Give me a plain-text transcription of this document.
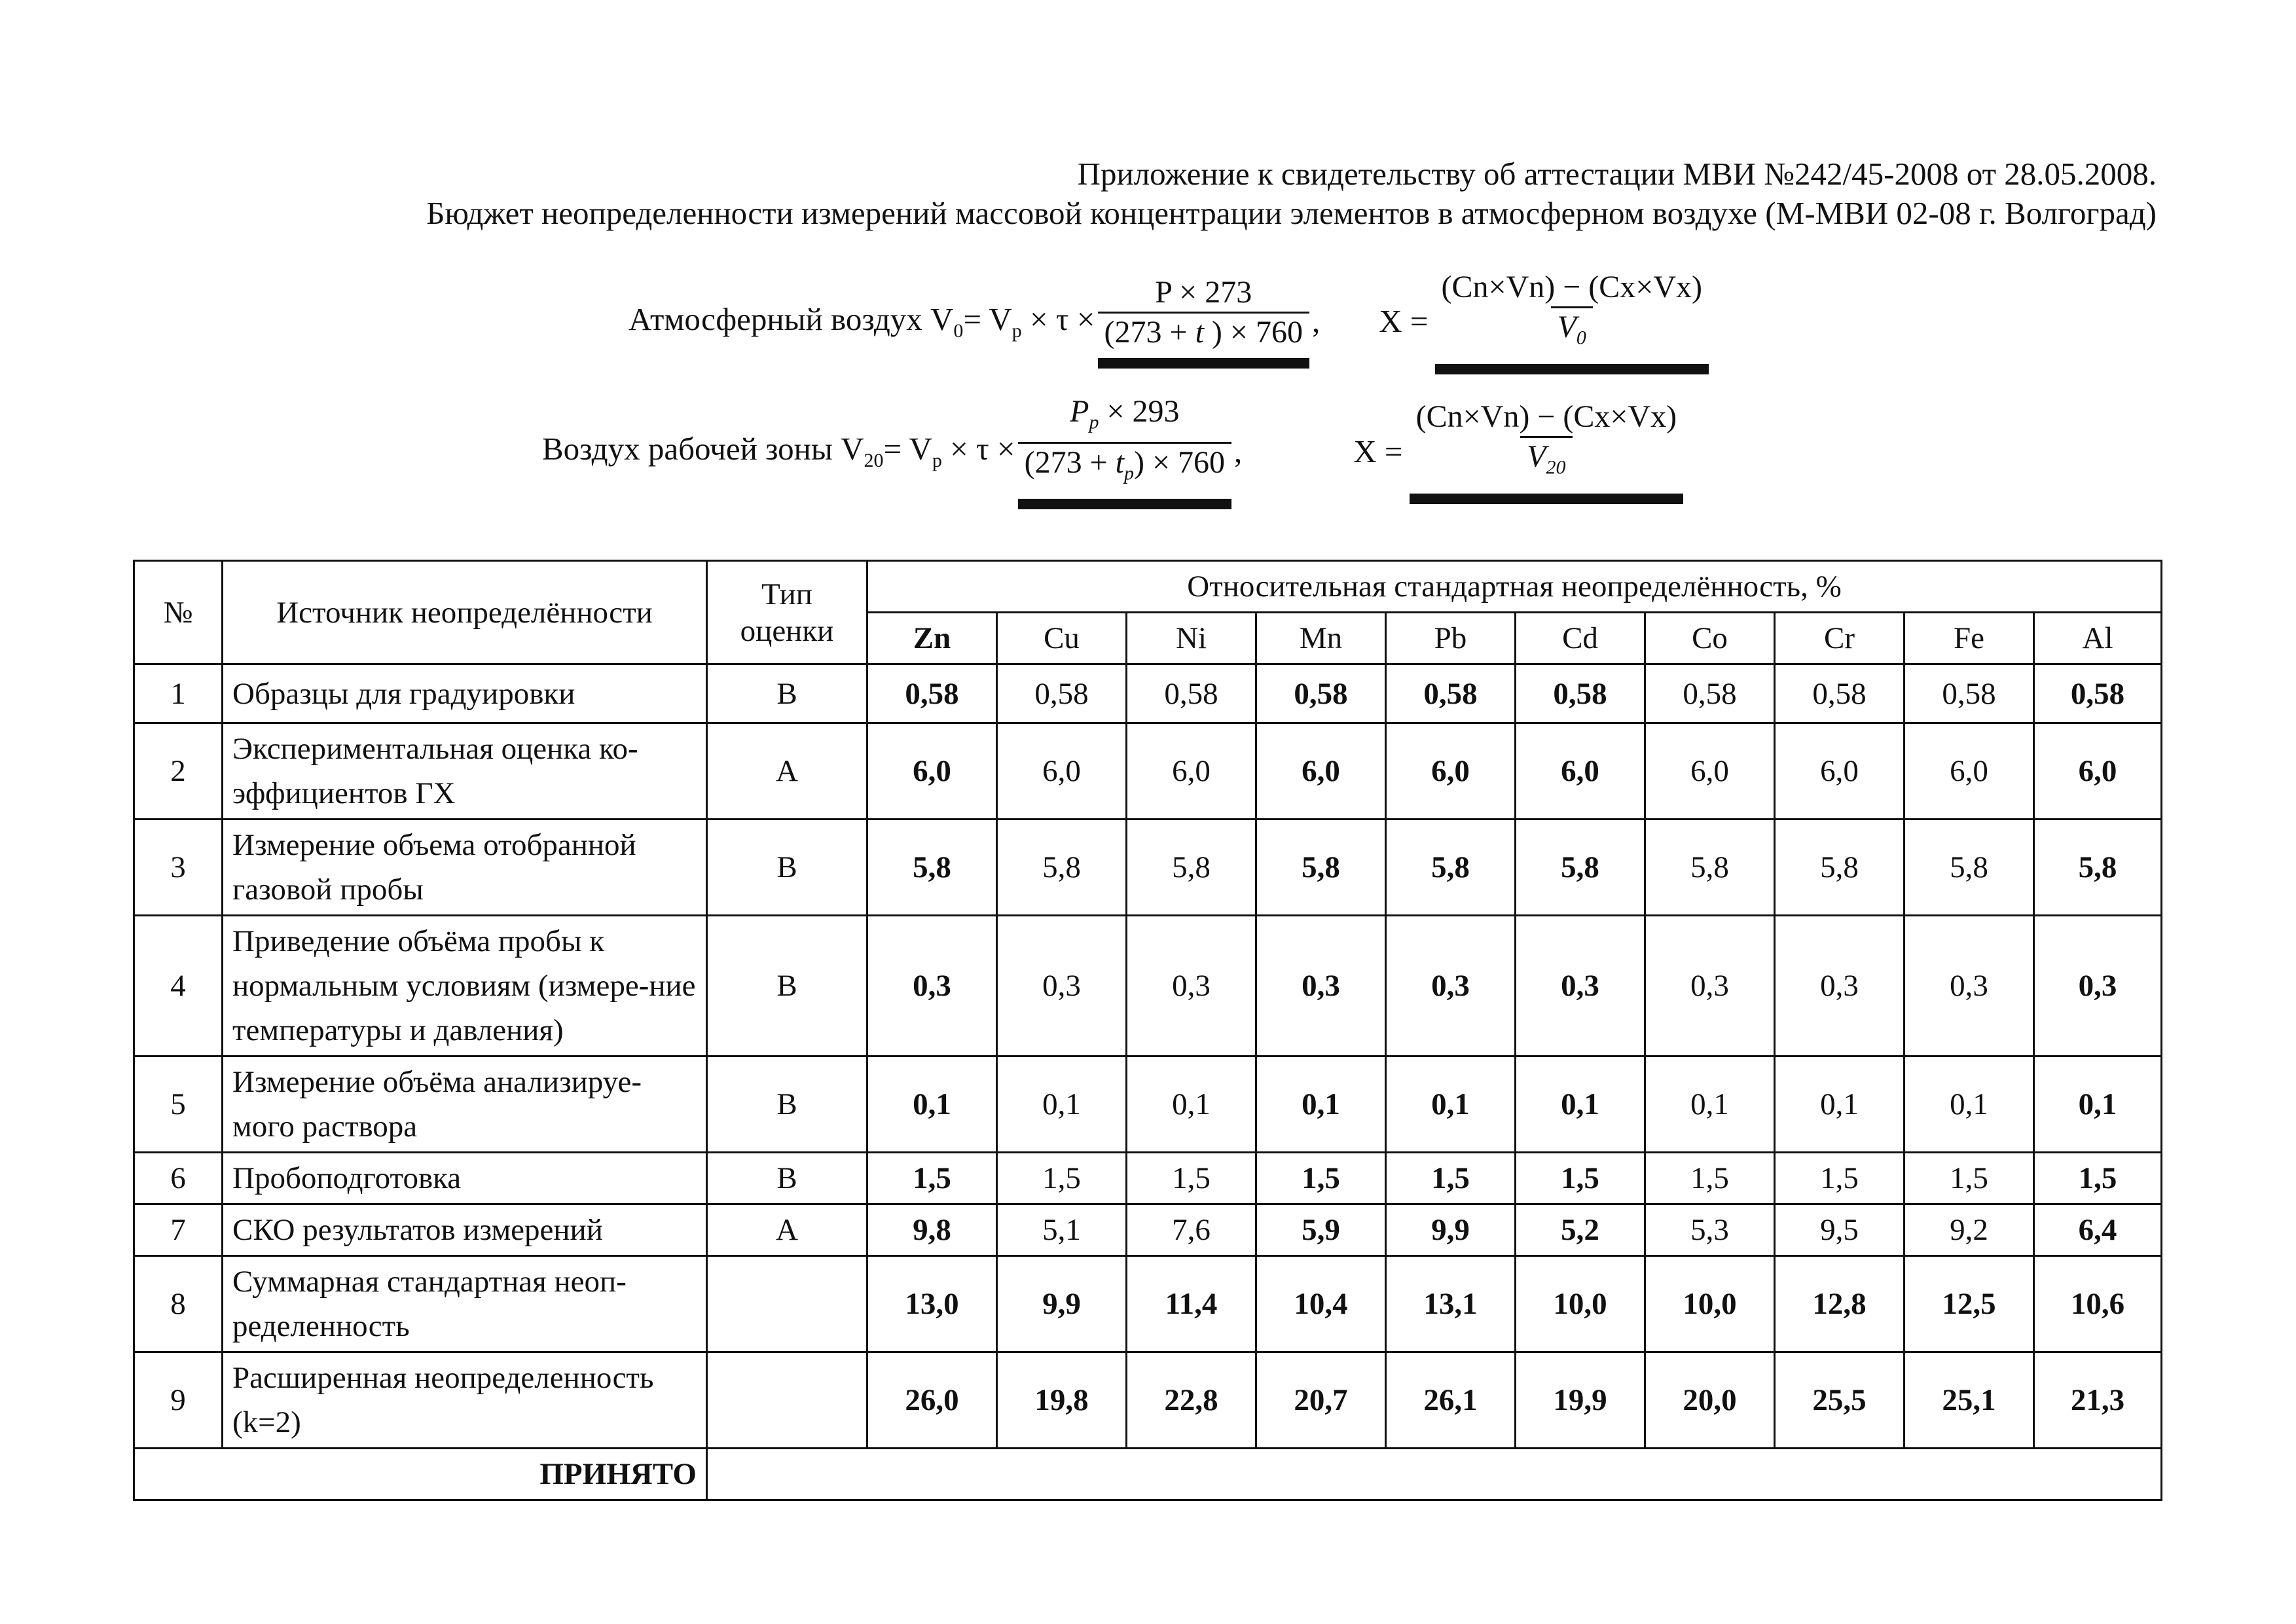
Приложение к свидетельству об аттестации МВИ №242/45-2008 от 28.05.2008.
Бюджет неопределенности измерений массовой концентрации элементов в атмосферном воздухе (М-МВИ 02-08 г. Волгоград)
Атмосферный воздух $V_0= V_p \times \tau \times \frac{P \times 273}{(273 + t ) \times 760}$ , $X = \frac{(Cn\times Vn) - (Cx\times Vx)}{V_0}$
Воздух рабочей зоны $V_{20}= V_p \times \tau \times \frac{P_p \times 293}{(273 + t_p) \times 760}$ ,	$X = \frac{(Cn\times Vn) - (Cx\times Vx)}{V_{20}}$
№	Источник неопределённости	Тип оценки	Относительная стандартная неопределённость, %									
			Zn	Cu	Ni	Mn	Pb	Cd	Co	Cr	Fe	Al
1	Образцы для градуировки	В	0,58	0,58	0,58	0,58	0,58	0,58	0,58	0,58	0,58	0,58
2	Экспериментальная оценка ко-эффициентов ГХ	А	6,0	6,0	6,0	6,0	6,0	6,0	6,0	6,0	6,0	6,0
3	Измерение объема отобранной газовой пробы	В	5,8	5,8	5,8	5,8	5,8	5,8	5,8	5,8	5,8	5,8
4	Приведение объёма пробы к нормальным условиям (измере-ние температуры и давления)	В	0,3	0,3	0,3	0,3	0,3	0,3	0,3	0,3	0,3	0,3
5	Измерение объёма анализируе-мого раствора	В	0,1	0,1	0,1	0,1	0,1	0,1	0,1	0,1	0,1	0,1
6	Пробоподготовка	В	1,5	1,5	1,5	1,5	1,5	1,5	1,5	1,5	1,5	1,5
7	СКО результатов измерений	А	9,8	5,1	7,6	5,9	9,9	5,2	5,3	9,5	9,2	6,4
8	Суммарная стандартная неоп-ределенность		13,0	9,9	11,4	10,4	13,1	10,0	10,0	12,8	12,5	10,6
9	Расширенная неопределенность (k=2)		26,0	19,8	22,8	20,7	26,1	19,9	20,0	25,5	25,1	21,3
ПРИНЯТО												
